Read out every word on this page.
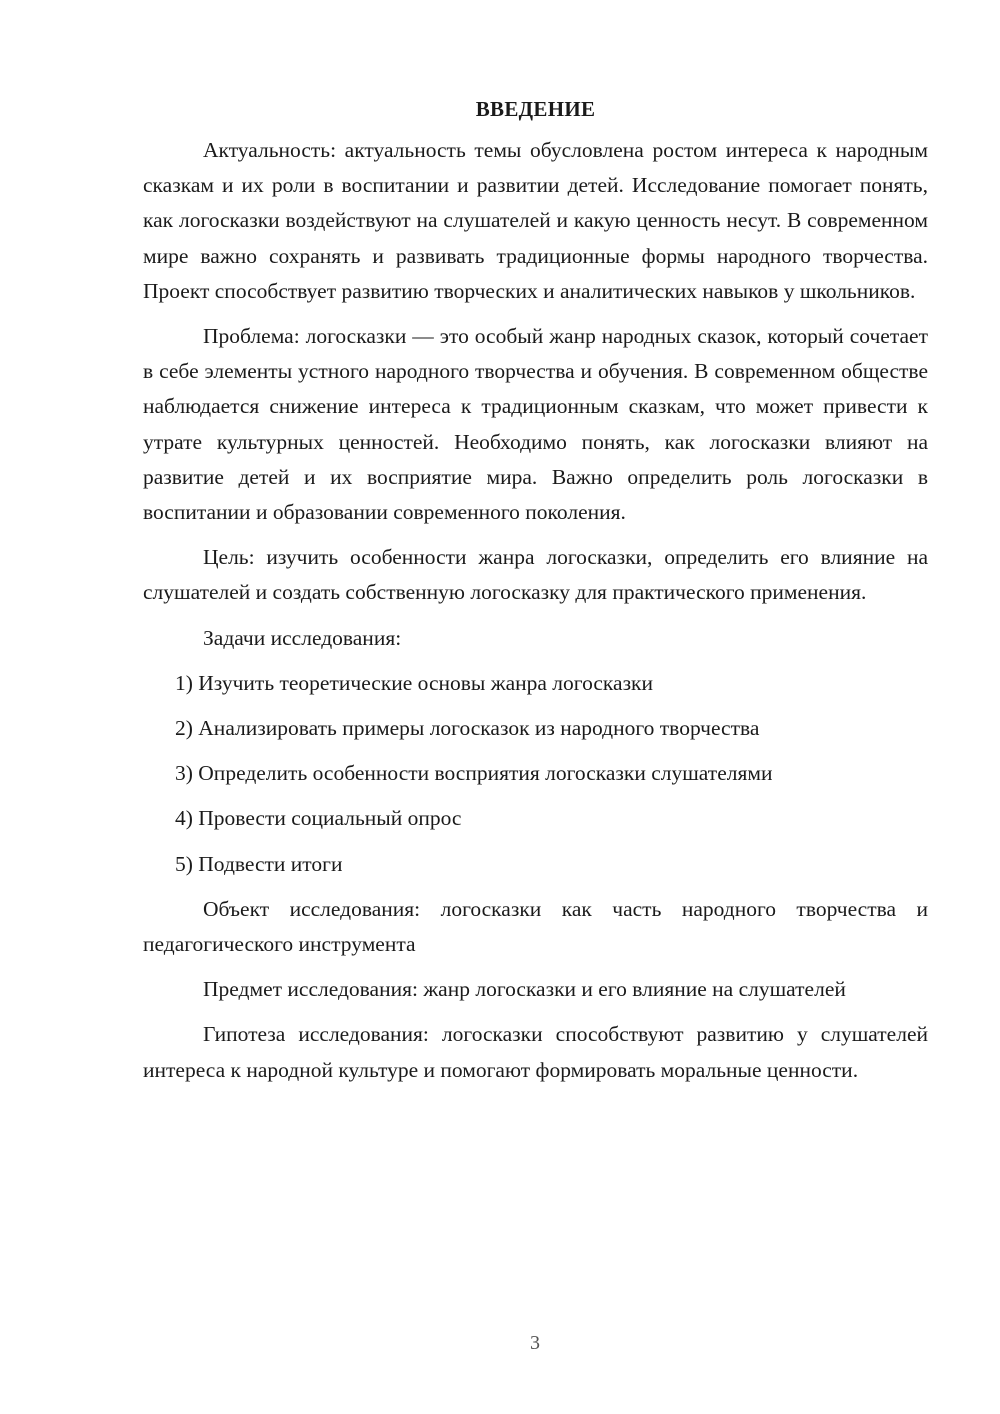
ВВЕДЕНИЕ

Актуальность: актуальность темы обусловлена ростом интереса к народным сказкам и их роли в воспитании и развитии детей. Исследование помогает понять, как логосказки воздействуют на слушателей и какую ценность несут. В современном мире важно сохранять и развивать традиционные формы народного творчества. Проект способствует развитию творческих и аналитических навыков у школьников.

Проблема: логосказки — это особый жанр народных сказок, который сочетает в себе элементы устного народного творчества и обучения. В современном обществе наблюдается снижение интереса к традиционным сказкам, что может привести к утрате культурных ценностей. Необходимо понять, как логосказки влияют на развитие детей и их восприятие мира. Важно определить роль логосказки в воспитании и образовании современного поколения.

Цель: изучить особенности жанра логосказки, определить его влияние на слушателей и создать собственную логосказку для практического применения.

Задачи исследования:

1) Изучить теоретические основы жанра логосказки
2) Анализировать примеры логосказок из народного творчества
3) Определить особенности восприятия логосказки слушателями
4) Провести социальный опрос
5) Подвести итоги

Объект исследования: логосказки как часть народного творчества и педагогического инструмента

Предмет исследования: жанр логосказки и его влияние на слушателей

Гипотеза исследования: логосказки способствуют развитию у слушателей интереса к народной культуре и помогают формировать моральные ценности.

3
